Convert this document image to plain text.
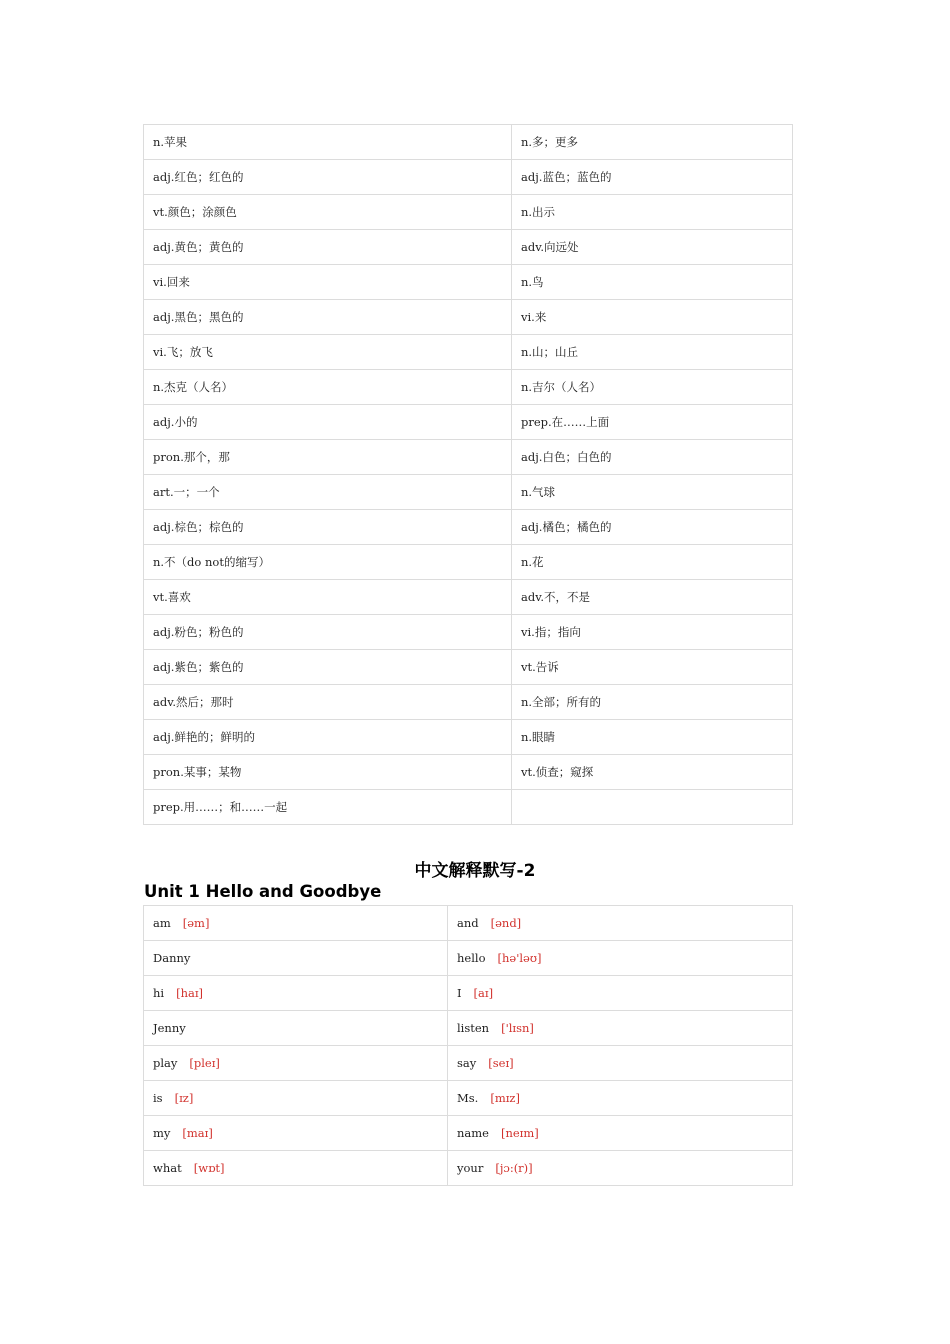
n.苹果	n.多；更多
adj.红色；红色的	adj.蓝色；蓝色的
vt.颜色；涂颜色	n.出示
adj.黄色；黄色的	adv.向远处
vi.回来	n.鸟
adj.黑色；黑色的	vi.来
vi.飞；放飞	n.山；山丘
n.杰克（人名）	n.吉尔（人名）
adj.小的	prep.在……上面
pron.那个，那	adj.白色；白色的
art.一；一个	n.气球
adj.棕色；棕色的	adj.橘色；橘色的
n.不（do not的缩写）	n.花
vt.喜欢	adv.不，不是
adj.粉色；粉色的	vi.指；指向
adj.紫色；紫色的	vt.告诉
adv.然后；那时	n.全部；所有的
adj.鲜艳的；鲜明的	n.眼睛
pron.某事；某物	vt.侦查；窥探
prep.用……；和……一起	
中文解释默写-2
Unit 1 Hello and Goodbye
am [əm]	and [ənd]
Danny	hello [hə'ləʊ]
hi [haɪ]	I [aɪ]
Jenny	listen ['lɪsn]
play [pleɪ]	say [seɪ]
is [ɪz]	Ms. [mɪz]
my [maɪ]	name [neɪm]
what [wɒt]	your [jɔ:(r)]
